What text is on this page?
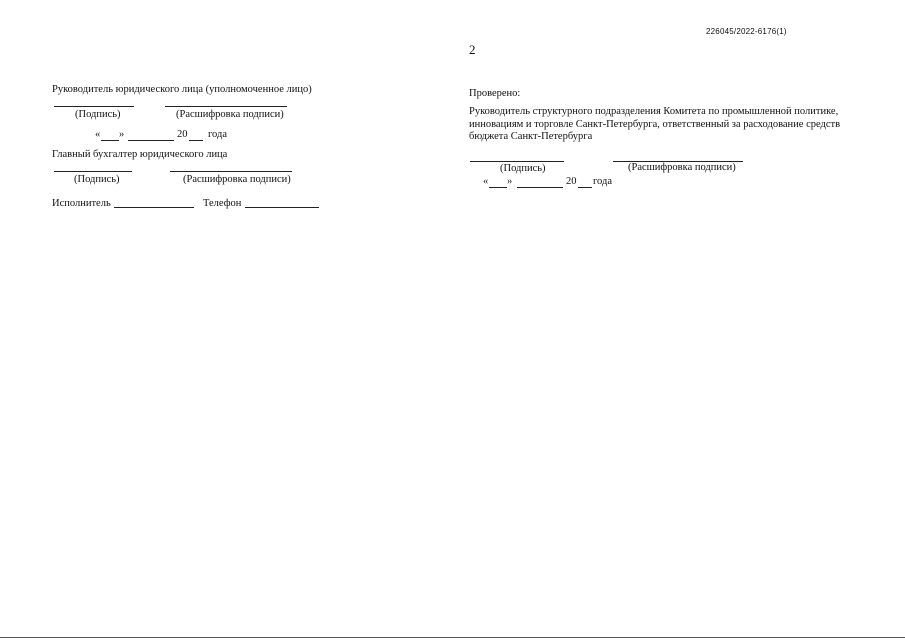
226045/2022-6176(1)
2
Руководитель юридического лица (уполномоченное лицо)
(Подпись)	(Расшифровка подписи)
« »	20 года
Главный бухгалтер юридического лица
(Подпись)	(Расшифровка подписи)
Исполнитель	Телефон
Проверено:
Руководитель структурного подразделения Комитета по промышленной политике, инновациям и торговле Санкт-Петербурга, ответственный за расходование средств бюджета Санкт-Петербурга
(Подпись)	(Расшифровка подписи)
« »	20 года
